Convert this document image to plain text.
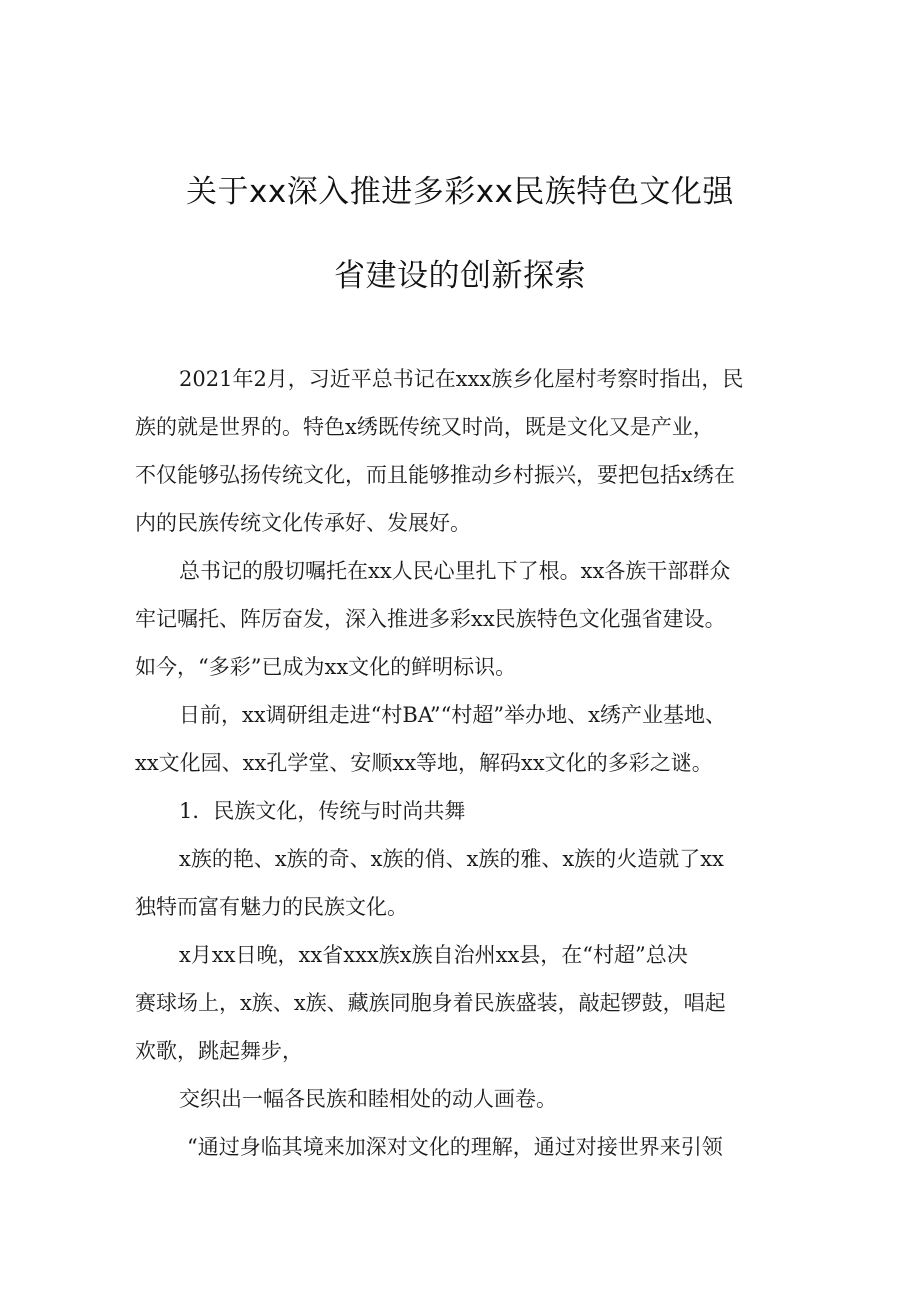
关于xx深入推进多彩xx民族特色文化强
省建设的创新探索
2021年2月，习近平总书记在xxx族乡化屋村考察时指出，民
族的就是世界的。特色x绣既传统又时尚，既是文化又是产业，
不仅能够弘扬传统文化，而且能够推动乡村振兴，要把包括x绣在
内的民族传统文化传承好、发展好。
总书记的殷切嘱托在xx人民心里扎下了根。xx各族干部群众
牢记嘱托、阵厉奋发，深入推进多彩xx民族特色文化强省建设。
如今，“多彩”已成为xx文化的鲜明标识。
日前，xx调研组走进“村BA”“村超”举办地、x绣产业基地、
xx文化园、xx孔学堂、安顺xx等地，解码xx文化的多彩之谜。
1．民族文化，传统与时尚共舞
x族的艳、x族的奇、x族的俏、x族的雅、x族的火造就了xx
独特而富有魅力的民族文化。
x月xx日晚，xx省xxx族x族自治州xx县，在“村超”总决
赛球场上，x族、x族、藏族同胞身着民族盛装，敲起锣鼓，唱起
欢歌，跳起舞步，
交织出一幅各民族和睦相处的动人画卷。
“通过身临其境来加深对文化的理解，通过对接世界来引领
